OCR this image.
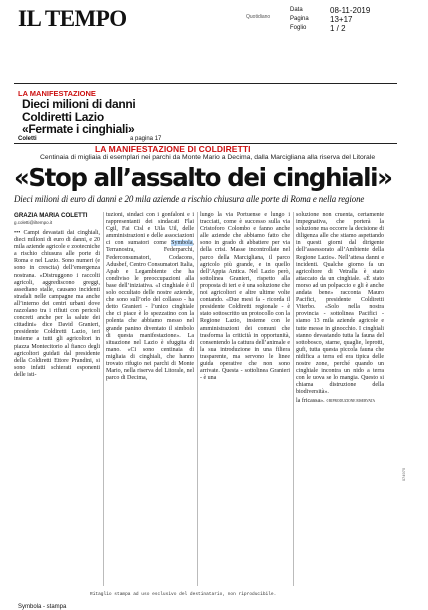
IL TEMPO	Quotidiano
Data	08-11-2019
Pagina	13+17
Foglio	1 / 2
LA MANIFESTAZIONE
Dieci milioni di danni
Coldiretti Lazio
«Fermate i cinghiali»
Coletti	a pagina 17
LA MANIFESTAZIONE DI COLDIRETTI
Centinaia di migliaia di esemplari nei parchi da Monte Mario a Decima, dalla Marcigliana alla riserva del Litorale
«Stop all’assalto dei cinghiali»
Dieci milioni di euro di danni e 20 mila aziende a rischio chiusura alle porte di Roma e nella regione
GRAZIA MARIA COLETTI
g.coletti@iltempo.it

••• Campi devastati dai cinghiali, dieci milioni di euro di danni, e 20 mila aziende agricole e zootecniche a rischio chiusura alle porte di Roma e nel Lazio. Sono numeri (e sono in crescita) dell’emergenza nostrana. «Distruggono i raccolti agricoli, aggrediscono greggi, assediano stalle, causano incidenti stradali nelle campagne ma anche all’interno dei centri urbani dove razzolano tra i rifiuti con pericoli concreti anche per la salute dei cittadini» dice David Granieri, presidente Coldiretti Lazio, ieri insieme a tutti gli agricoltori in piazza Montecitorio al fianco degli agricoltori guidati dal presidente della Coldiretti Ettore Prandini, si sono infatti schierati esponenti delle isti-

tuzioni, sindaci con i gonfaloni e i rappresentanti dei sindacati Flai Cgil, Fai Cisl e Uila Uil, delle amministrazioni e delle associazioni ci con sumatori come Symbola, Terranostra, Federparchi, Federconsumatori, Codacons, Adusbef, Centro Consumatori Italia, Apab e Legambiente che ha condiviso le preoccupazioni alla base dell’iniziativa. «I cinghiale è il solo occultato delle nostre aziende, che sono sull’orlo del collasso - ha detto Granieri - l’unico cinghiale che ci piace è lo spezzatino con la polenta che abbiamo messo nel grande panino diventato il simbolo di questa manifestazione». La situazione nel Lazio è sfuggita di mano. «Ci sono centinaia di migliaia di cinghiali, che hanno trovato rifugio nei parchi di Monte Mario, nella riserva del Litorale, nel parco di Decima,

lungo la via Portuense e lungo i tracciati, come è successo sulla via Cristoforo Colombo e fanno anche alle aziende che abbiamo fatto che sono in grado di abbattere per via della crisi. Masse incontrollate nel parco della Marcigliana, il parco agricolo più grande, e in quello dell’Appia Antica. Nel Lazio però, sottolinea Granieri, rispetto alla proposta di ieri e è una soluzione che noi agricoltori e altre ultime volte contando. «Due mesi fa - ricorda il presidente Coldiretti regionale - è stato sottoscritto un protocollo con la Regione Lazio, insieme con le amministrazioni dei comuni che trasforma la criticità in opportunità, consentendo la cattura dell’animale e la sua introduzione in una filiera trasparente, ma servono le linee guida operative che non sono arrivate. Questa - sottolinea Granieri - è una

soluzione non cruenta, certamente impegnativa, che porterà la soluzione ma occorre la decisione di diligenza alle che stiamo aspettando in questi giorni dal dirigente dell’assessorato all’Ambiente della Regione Lazio». Nell’attesa danni e incidenti. Qualche giorno fa un agricoltore di Vetralla è stato attaccato da un cinghiale. «È stato morso ad un polpaccio e gli è anche andata bene» racconta Mauro Pacifici, presidente Coldiretti Viterbo. «Solo nella nostra provincia - sottolinea Pacifici - siamo 13 mila aziende agricole e tutte messe in ginocchio. I cinghiali stanno devastando tutta la fauna del sottobosco, starne, quaglie, leprotti, gufi, tutta questa piccola fauna che nidifica a terra ed era tipica delle nostre zone, perché quando un cinghiale incontra un nido a terra con le uova se lo mangia. Questo si chiama distruzione della biodiversità».

la fricassa». ©RIPRODUZIONE RISERVATA

074975
Ritaglio stampa ad uso esclusivo del destinatario, non riproducibile.
Symbola - stampa
